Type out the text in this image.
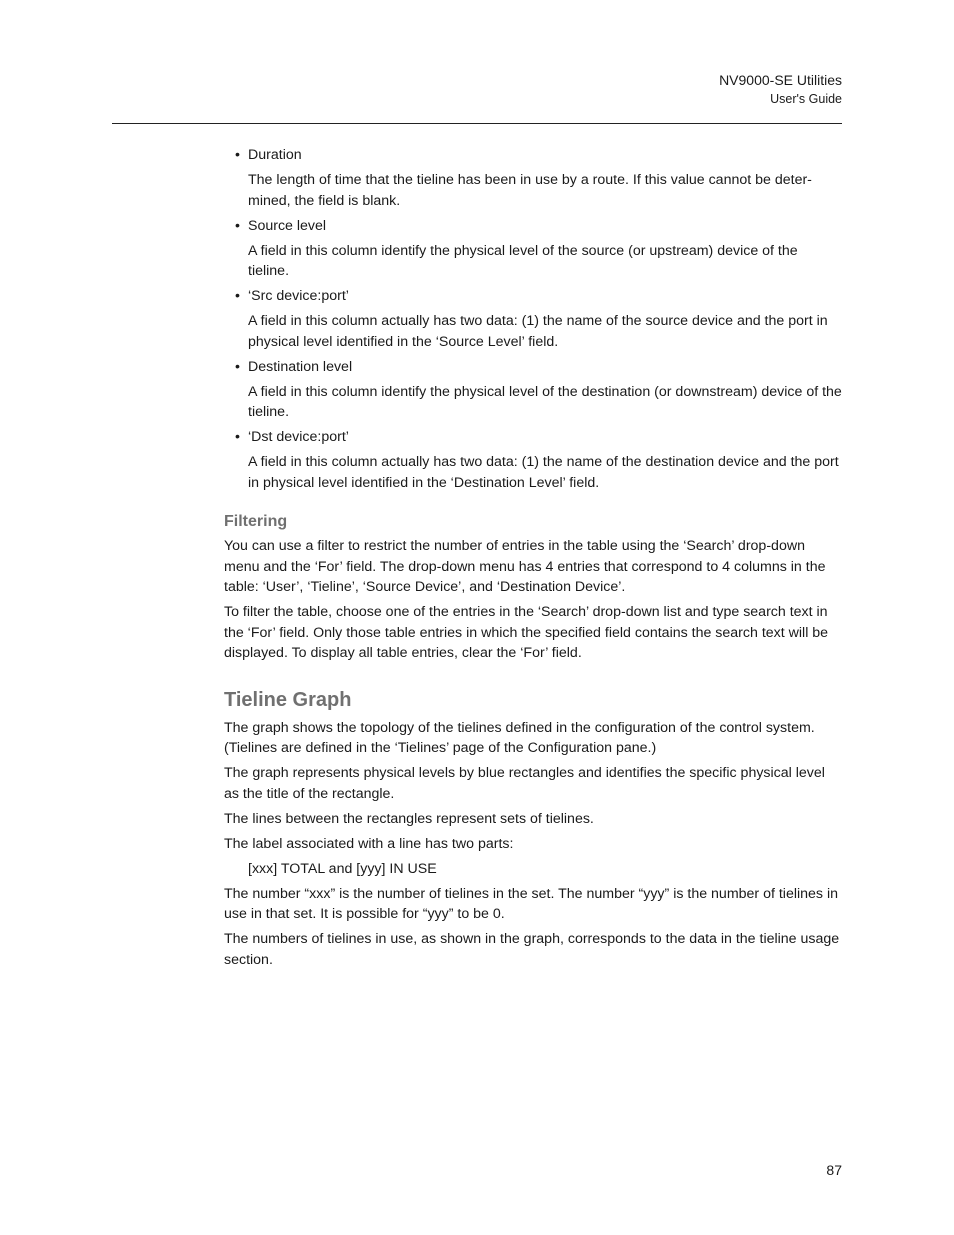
NV9000-SE Utilities
User's Guide
• Duration
The length of time that the tieline has been in use by a route. If this value cannot be deter-mined, the field is blank.
• Source level
A field in this column identify the physical level of the source (or upstream) device of the tieline.
• ‘Src device:port’
A field in this column actually has two data: (1) the name of the source device and the port in physical level identified in the ‘Source Level’ field.
• Destination level
A field in this column identify the physical level of the destination (or downstream) device of the tieline.
• ‘Dst device:port’
A field in this column actually has two data: (1) the name of the destination device and the port in physical level identified in the ‘Destination Level’ field.
Filtering

You can use a filter to restrict the number of entries in the table using the ‘Search’ drop-down menu and the ‘For’ field. The drop-down menu has 4 entries that correspond to 4 columns in the table: ‘User’, ‘Tieline’, ‘Source Device’, and ‘Destination Device’.

To filter the table, choose one of the entries in the ‘Search’ drop-down list and type search text in the ‘For’ field. Only those table entries in which the specified field contains the search text will be displayed. To display all table entries, clear the ‘For’ field.

Tieline Graph

The graph shows the topology of the tielines defined in the configuration of the control system. (Tielines are defined in the ‘Tielines’ page of the Configuration pane.)

The graph represents physical levels by blue rectangles and identifies the specific physical level as the title of the rectangle.

The lines between the rectangles represent sets of tielines.

The label associated with a line has two parts:

[xxx] TOTAL and [yyy] IN USE

The number “xxx” is the number of tielines in the set. The number “yyy” is the number of tielines in use in that set. It is possible for “yyy” to be 0.

The numbers of tielines in use, as shown in the graph, corresponds to the data in the tieline usage section.

87
